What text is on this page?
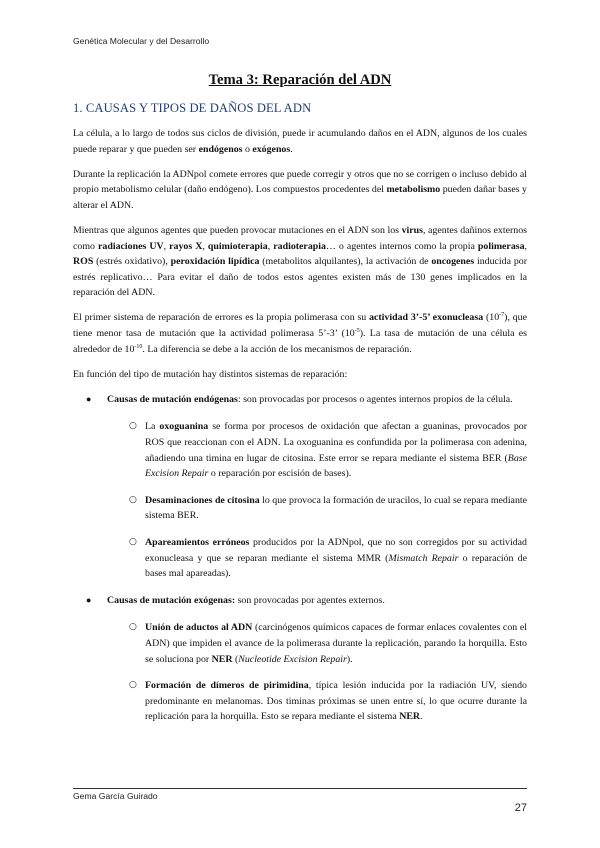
Genética Molecular y del Desarrollo
Tema 3: Reparación del ADN
1. CAUSAS Y TIPOS DE DAÑOS DEL ADN

La célula, a lo largo de todos sus ciclos de división, puede ir acumulando daños en el ADN, algunos de los cuales puede reparar y que pueden ser endógenos o exógenos.

Durante la replicación la ADNpol comete errores que puede corregir y otros que no se corrigen o incluso debido al propio metabolismo celular (daño endógeno). Los compuestos procedentes del metabolismo pueden dañar bases y alterar el ADN.

Mientras que algunos agentes que pueden provocar mutaciones en el ADN son los virus, agentes dañinos externos como radiaciones UV, rayos X, quimioterapia, radioterapia… o agentes internos como la propia polimerasa, ROS (estrés oxidativo), peroxidación lipídica (metabolitos alquilantes), la activación de oncogenes inducida por estrés replicativo… Para evitar el daño de todos estos agentes existen más de 130 genes implicados en la reparación del ADN.

El primer sistema de reparación de errores es la propia polimerasa con su actividad 3’-5’ exonucleasa $(10^{-7})$, que tiene menor tasa de mutación que la actividad polimerasa 5’-3’ $(10^{-5})$. La tasa de mutación de una célula es alrededor de $10^{-10}$. La diferencia se debe a la acción de los mecanismos de reparación.

En función del tipo de mutación hay distintos sistemas de reparación:

● Causas de mutación endógenas: son provocadas por procesos o agentes internos propios de la célula.
○ La oxoguanina se forma por procesos de oxidación que afectan a guaninas, provocados por ROS que reaccionan con el ADN. La oxoguanina es confundida por la polimerasa con adenina, añadiendo una timina en lugar de citosina. Este error se repara mediante el sistema BER (Base Excision Repair o reparación por escisión de bases).
○ Desaminaciones de citosina lo que provoca la formación de uracilos, lo cual se repara mediante sistema BER.
○ Apareamientos erróneos producidos por la ADNpol, que no son corregidos por su actividad exonucleasa y que se reparan mediante el sistema MMR (Mismatch Repair o reparación de bases mal apareadas).
● Causas de mutación exógenas: son provocadas por agentes externos.
○ Unión de aductos al ADN (carcinógenos químicos capaces de formar enlaces covalentes con el ADN) que impiden el avance de la polimerasa durante la replicación, parando la horquilla. Esto se soluciona por NER (Nucleotide Excision Repair).
○ Formación de dímeros de pirimidina, típica lesión inducida por la radiación UV, siendo predominante en melanomas. Dos timinas próximas se unen entre sí, lo que ocurre durante la replicación para la horquilla. Esto se repara mediante el sistema NER.
Gema García Guirado
27
